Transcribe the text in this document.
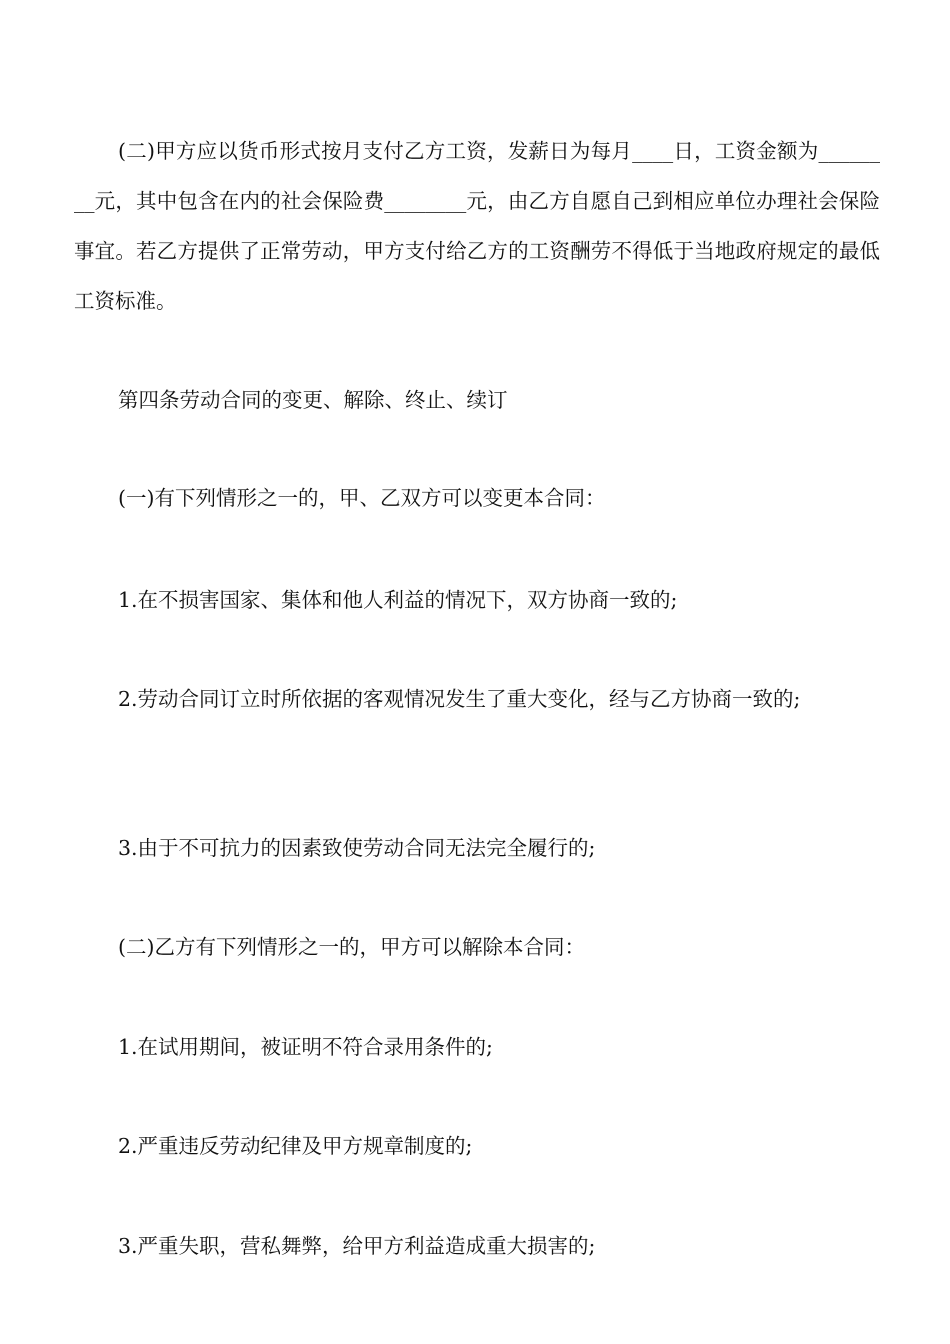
(二)甲方应以货币形式按月支付乙方工资，发薪日为每月____日，工资金额为________元，其中包含在内的社会保险费________元，由乙方自愿自己到相应单位办理社会保险事宜。若乙方提供了正常劳动，甲方支付给乙方的工资酬劳不得低于当地政府规定的最低工资标准。

第四条劳动合同的变更、解除、终止、续订

(一)有下列情形之一的，甲、乙双方可以变更本合同：

1.在不损害国家、集体和他人利益的情况下，双方协商一致的;

2.劳动合同订立时所依据的客观情况发生了重大变化，经与乙方协商一致的;

3.由于不可抗力的因素致使劳动合同无法完全履行的;

(二)乙方有下列情形之一的，甲方可以解除本合同：

1.在试用期间，被证明不符合录用条件的;

2.严重违反劳动纪律及甲方规章制度的;

3.严重失职，营私舞弊，给甲方利益造成重大损害的;
